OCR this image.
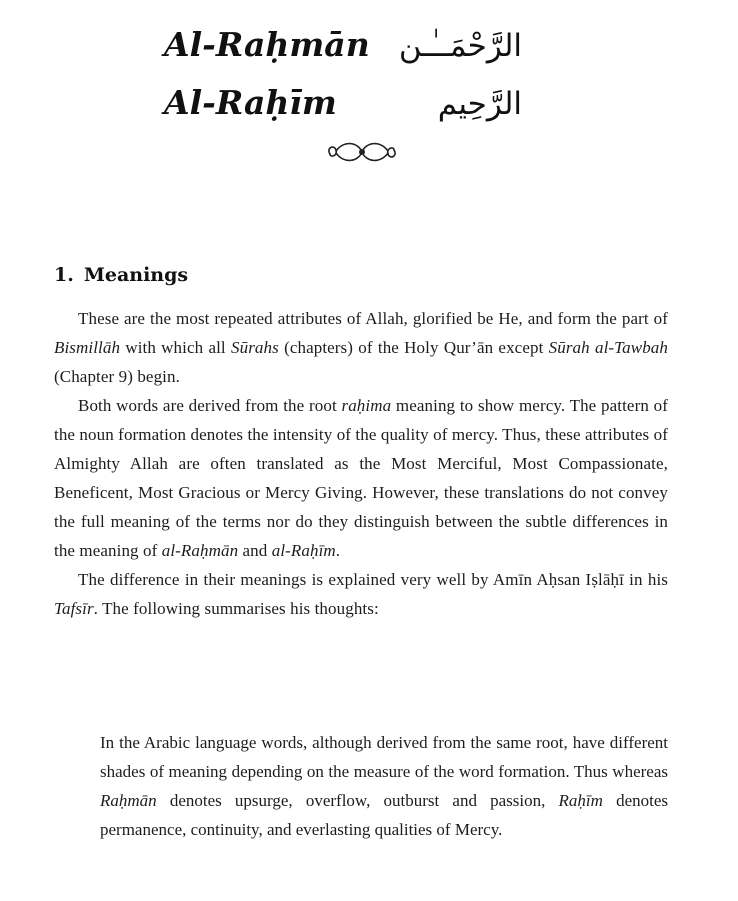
Al-Raḥmān الرَّحْمَــٰـن
Al-Raḥīm	الرَّحِيم
1. Meanings

These are the most repeated attributes of Allah, glorified be He, and form the part of Bismillāh with which all Sūrahs (chapters) of the Holy Qur’ān except Sūrah al-Tawbah (Chapter 9) begin.

Both words are derived from the root raḥima meaning to show mercy. The pattern of the noun formation denotes the intensity of the quality of mercy. Thus, these attributes of Almighty Allah are often translated as the Most Merciful, Most Compassionate, Beneficent, Most Gracious or Mercy Giving. However, these translations do not convey the full meaning of the terms nor do they distinguish between the subtle differences in the meaning of al-Raḥmān and al-Raḥīm.

The difference in their meanings is explained very well by Amīn Aḥsan Iṣlāḥī in his Tafsīr. The following summarises his thoughts:

In the Arabic language words, although derived from the same root, have different shades of meaning depending on the measure of the word formation. Thus whereas Raḥmān denotes upsurge, overflow, outburst and passion, Raḥīm denotes permanence, continuity, and everlasting qualities of Mercy.
